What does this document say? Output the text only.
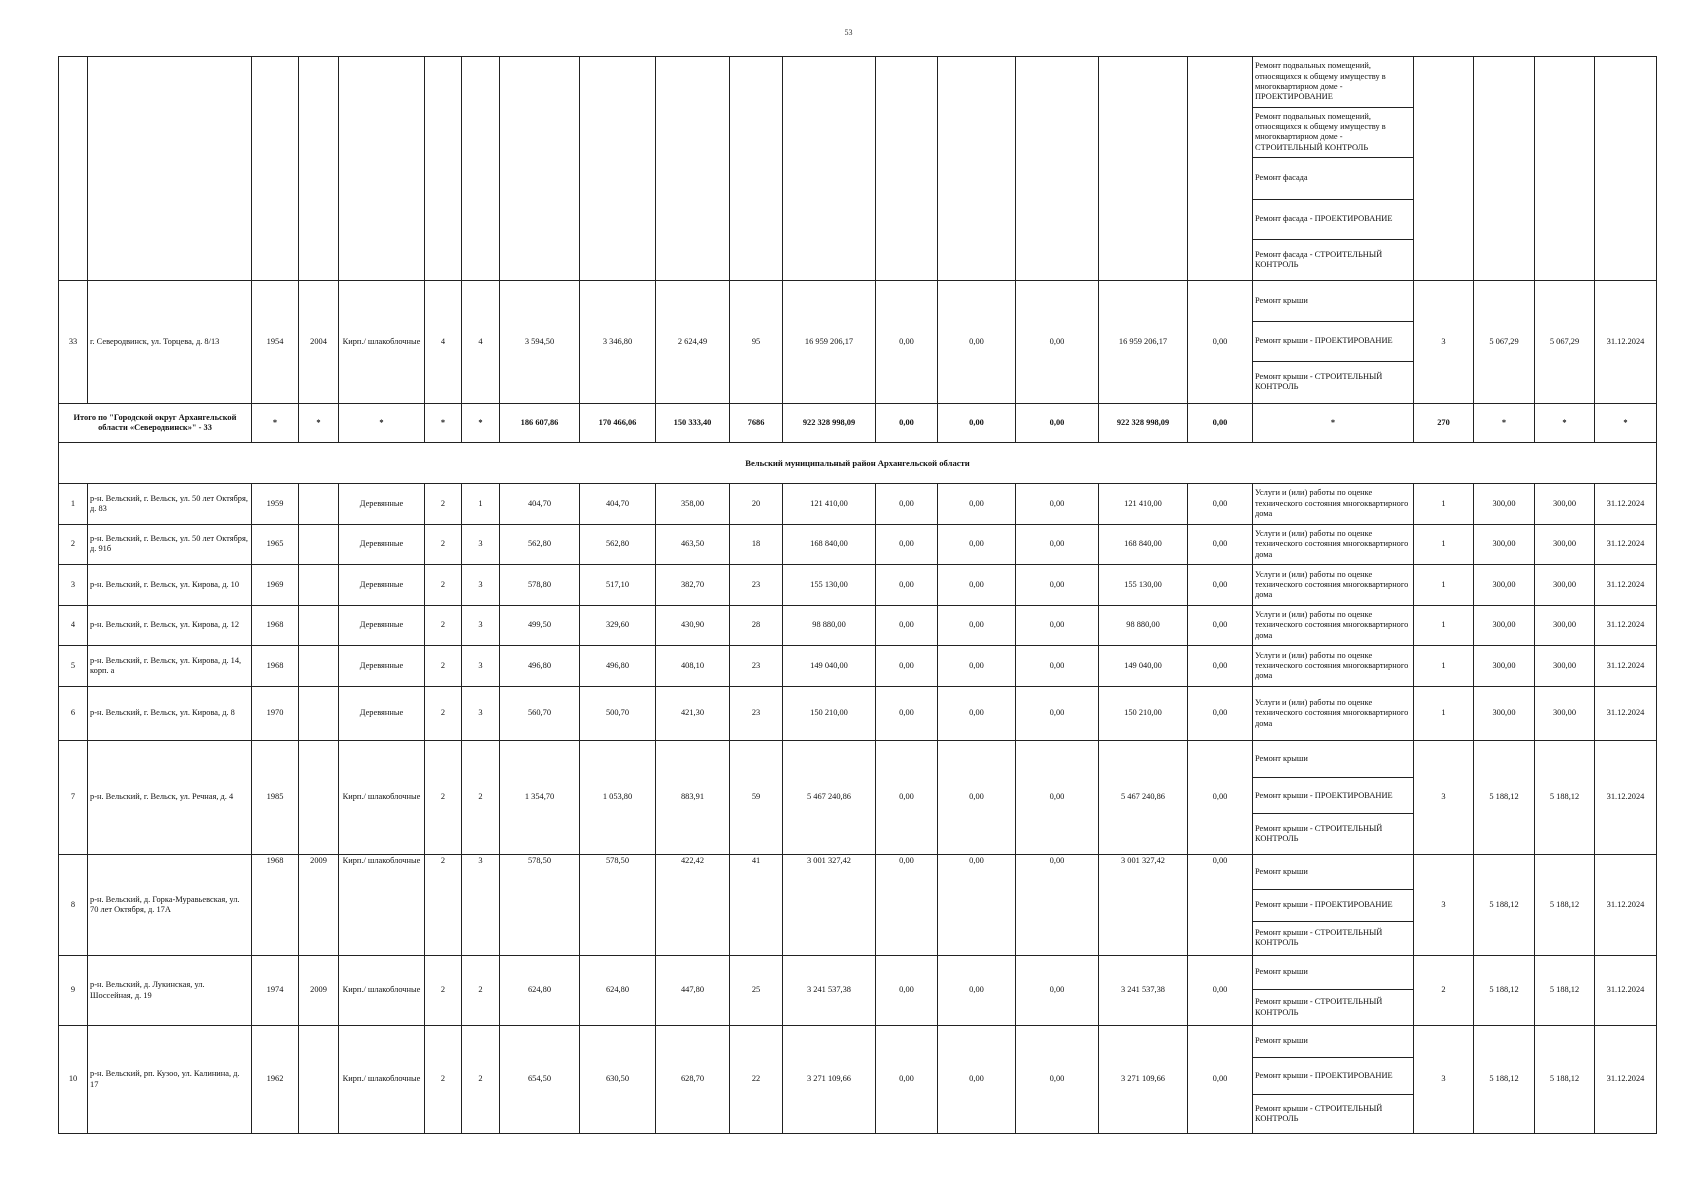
53
																	Ремонт подвальных помещений, относящихся к общему имуществу в многоквартирном доме - ПРОЕКТИРОВАНИЕ				
																	Ремонт подвальных помещений, относящихся к общему имуществу в многоквартирном доме - СТРОИТЕЛЬНЫЙ КОНТРОЛЬ				
																	Ремонт фасада				
																	Ремонт фасада - ПРОЕКТИРОВАНИЕ				
																	Ремонт фасада - СТРОИТЕЛЬНЫЙ КОНТРОЛЬ				
33	г. Северодвинск, ул. Торцева, д. 8/13	1954	2004	Кирп./ шлакоблочные	4	4	3 594,50	3 346,80	2 624,49	95	16 959 206,17	0,00	0,00	0,00	16 959 206,17	0,00	Ремонт крыши	3	5 067,29	5 067,29	31.12.2024
																	Ремонт крыши - ПРОЕКТИРОВАНИЕ				
																	Ремонт крыши - СТРОИТЕЛЬНЫЙ КОНТРОЛЬ				
Итого по "Городской округ Архангельской области «Северодвинск»" - 33		*	*	*	*	*	186 607,86	170 466,06	150 333,40	7686	922 328 998,09	0,00	0,00	0,00	922 328 998,09	0,00	*	270	*	*	*
Вельский муниципальный район Архангельской области																					
1	р-н. Вельский, г. Вельск, ул. 50 лет Октября, д. 83	1959		Деревянные	2	1	404,70	404,70	358,00	20	121 410,00	0,00	0,00	0,00	121 410,00	0,00	Услуги и (или) работы по оценке технического состояния многоквартирного дома	1	300,00	300,00	31.12.2024
2	р-н. Вельский, г. Вельск, ул. 50 лет Октября, д. 91б	1965		Деревянные	2	3	562,80	562,80	463,50	18	168 840,00	0,00	0,00	0,00	168 840,00	0,00	Услуги и (или) работы по оценке технического состояния многоквартирного дома	1	300,00	300,00	31.12.2024
3	р-н. Вельский, г. Вельск, ул. Кирова, д. 10	1969		Деревянные	2	3	578,80	517,10	382,70	23	155 130,00	0,00	0,00	0,00	155 130,00	0,00	Услуги и (или) работы по оценке технического состояния многоквартирного дома	1	300,00	300,00	31.12.2024
4	р-н. Вельский, г. Вельск, ул. Кирова, д. 12	1968		Деревянные	2	3	499,50	329,60	430,90	28	98 880,00	0,00	0,00	0,00	98 880,00	0,00	Услуги и (или) работы по оценке технического состояния многоквартирного дома	1	300,00	300,00	31.12.2024
5	р-н. Вельский, г. Вельск, ул. Кирова, д. 14, корп. а	1968		Деревянные	2	3	496,80	496,80	408,10	23	149 040,00	0,00	0,00	0,00	149 040,00	0,00	Услуги и (или) работы по оценке технического состояния многоквартирного дома	1	300,00	300,00	31.12.2024
6	р-н. Вельский, г. Вельск, ул. Кирова, д. 8	1970		Деревянные	2	3	560,70	500,70	421,30	23	150 210,00	0,00	0,00	0,00	150 210,00	0,00	Услуги и (или) работы по оценке технического состояния многоквартирного дома	1	300,00	300,00	31.12.2024
7	р-н. Вельский, г. Вельск, ул. Речная, д. 4	1985		Кирп./ шлакоблочные	2	2	1 354,70	1 053,80	883,91	59	5 467 240,86	0,00	0,00	0,00	5 467 240,86	0,00	Ремонт крыши	3	5 188,12	5 188,12	31.12.2024
																	Ремонт крыши - ПРОЕКТИРОВАНИЕ				
																	Ремонт крыши - СТРОИТЕЛЬНЫЙ КОНТРОЛЬ				
8	р-н. Вельский, д. Горка-Муравьевская, ул. 70 лет Октября, д. 17А	1968	2009	Кирп./ шлакоблочные	2	3	578,50	578,50	422,42	41	3 001 327,42	0,00	0,00	0,00	3 001 327,42	0,00	Ремонт крыши	3	5 188,12	5 188,12	31.12.2024
																	Ремонт крыши - ПРОЕКТИРОВАНИЕ				
																	Ремонт крыши - СТРОИТЕЛЬНЫЙ КОНТРОЛЬ				
9	р-н. Вельский, д. Лукинская, ул. Шоссейная, д. 19	1974	2009	Кирп./ шлакоблочные	2	2	624,80	624,80	447,80	25	3 241 537,38	0,00	0,00	0,00	3 241 537,38	0,00	Ремонт крыши	2	5 188,12	5 188,12	31.12.2024
																	Ремонт крыши - СТРОИТЕЛЬНЫЙ КОНТРОЛЬ				
10	р-н. Вельский, рп. Кузоо, ул. Калинина, д. 17	1962		Кирп./ шлакоблочные	2	2	654,50	630,50	628,70	22	3 271 109,66	0,00	0,00	0,00	3 271 109,66	0,00	Ремонт крыши	3	5 188,12	5 188,12	31.12.2024
																	Ремонт крыши - ПРОЕКТИРОВАНИЕ				
																	Ремонт крыши - СТРОИТЕЛЬНЫЙ КОНТРОЛЬ				
